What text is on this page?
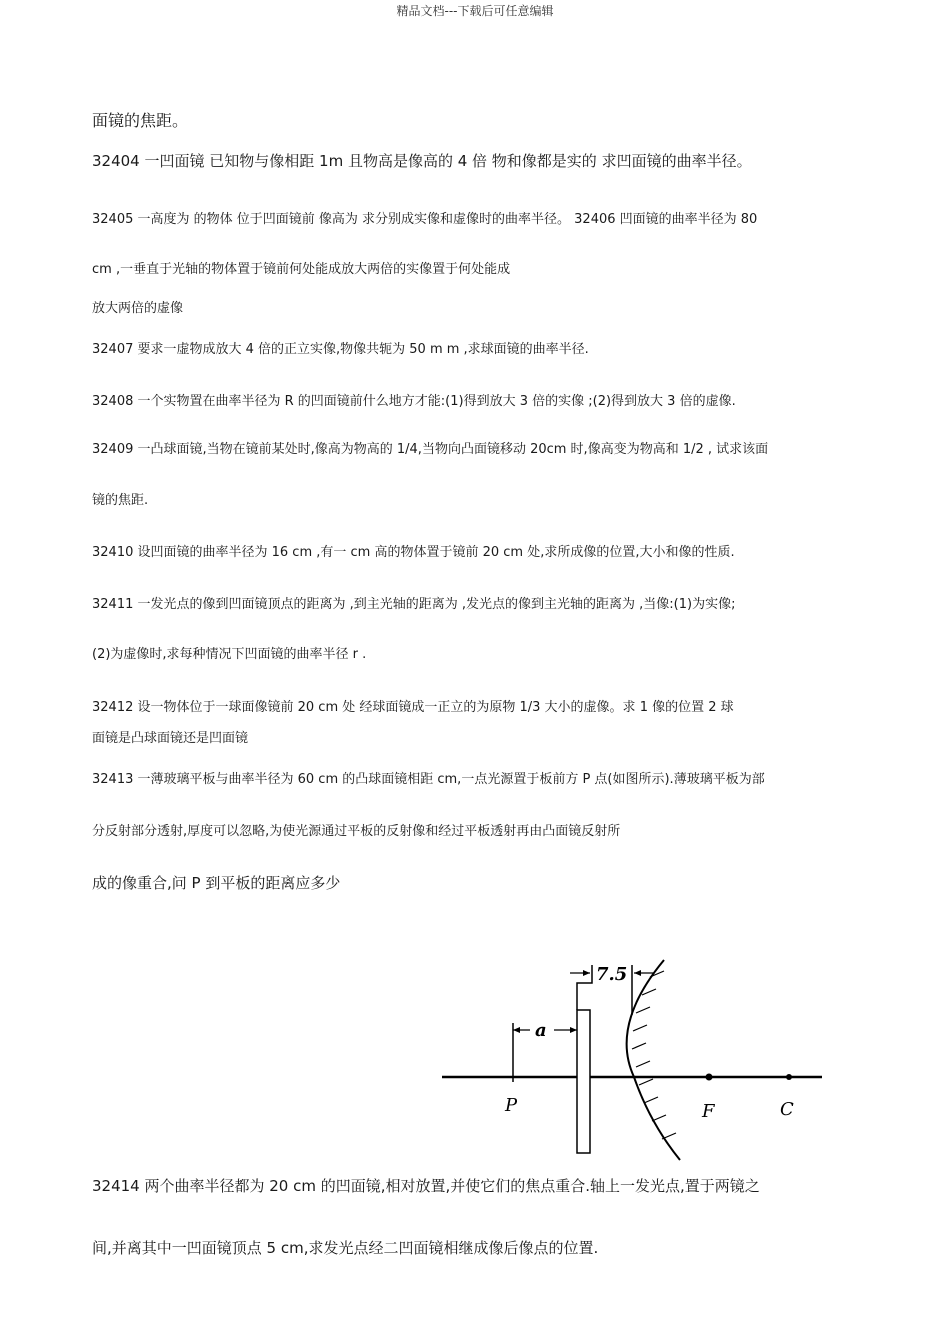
精品文档---下载后可任意编辑
面镜的焦距。
32404 一凹面镜 已知物与像相距 1m 且物高是像高的 4 倍 物和像都是实的 求凹面镜的曲率半径。
32405 一高度为 的物体 位于凹面镜前 像高为 求分别成实像和虚像时的曲率半径。 32406 凹面镜的曲率半径为 80
cm ,一垂直于光轴的物体置于镜前何处能成放大两倍的实像置于何处能成
放大两倍的虚像
32407 要求一虚物成放大 4 倍的正立实像,物像共轭为 50 m m ,求球面镜的曲率半径.
32408 一个实物置在曲率半径为 R 的凹面镜前什么地方才能:(1)得到放大 3 倍的实像 ;(2)得到放大 3 倍的虚像.
32409 一凸球面镜,当物在镜前某处时,像高为物高的 1/4,当物向凸面镜移动 20cm 时,像高变为物高和 1/2 , 试求该面
镜的焦距.
32410 设凹面镜的曲率半径为 16 cm ,有一 cm 高的物体置于镜前 20 cm 处,求所成像的位置,大小和像的性质.
32411 一发光点的像到凹面镜顶点的距离为 ,到主光轴的距离为 ,发光点的像到主光轴的距离为 ,当像:(1)为实像;
(2)为虚像时,求每种情况下凹面镜的曲率半径 r .
32412 设一物体位于一球面像镜前 20 cm 处 经球面镜成一正立的为原物 1/3 大小的虚像。求 1 像的位置 2 球
面镜是凸球面镜还是凹面镜
32413 一薄玻璃平板与曲率半径为 60 cm 的凸球面镜相距 cm,一点光源置于板前方 P 点(如图所示).薄玻璃平板为部
分反射部分透射,厚度可以忽略,为使光源通过平板的反射像和经过平板透射再由凸面镜反射所
成的像重合,问 P 到平板的距离应多少
7.5
a
P	F	C
32414 两个曲率半径都为 20 cm 的凹面镜,相对放置,并使它们的焦点重合.轴上一发光点,置于两镜之
间,并离其中一凹面镜顶点 5 cm,求发光点经二凹面镜相继成像后像点的位置.
